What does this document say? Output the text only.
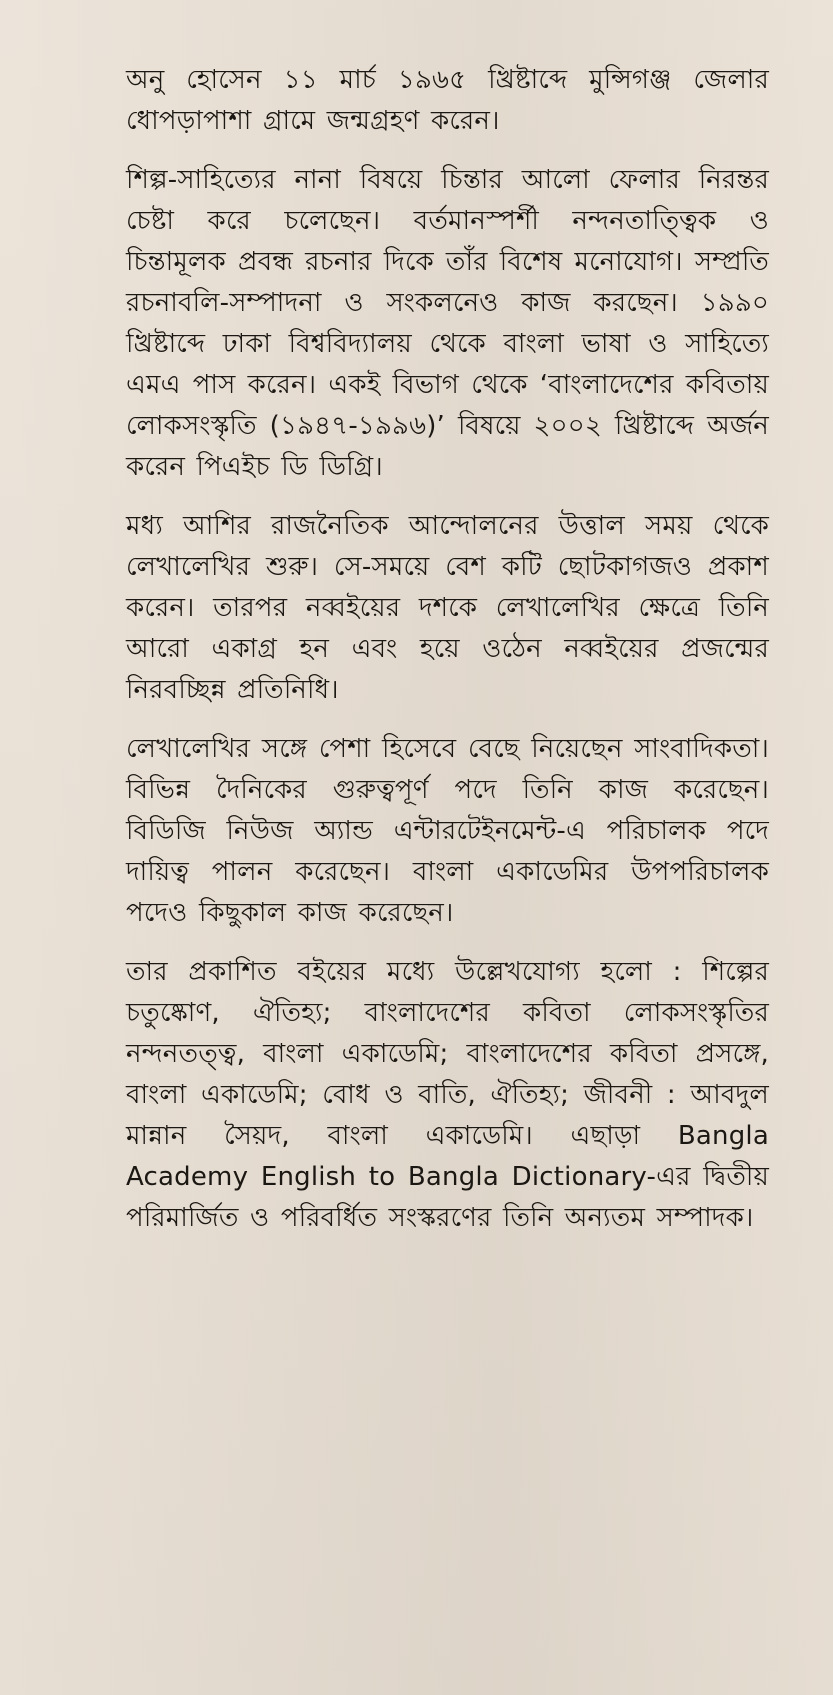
অনু হোসেন ১১ মার্চ ১৯৬৫ খ্রিষ্টাব্দে মুন্সিগঞ্জ জেলার ধোপড়াপাশা গ্রামে জন্মগ্রহণ করেন।

শিল্প-সাহিত্যের নানা বিষয়ে চিন্তার আলো ফেলার নিরন্তর চেষ্টা করে চলেছেন। বর্তমানস্পর্শী নন্দনতাত্ত্বিক ও চিন্তামূলক প্রবন্ধ রচনার দিকে তাঁর বিশেষ মনোযোগ। সম্প্রতি রচনাবলি-সম্পাদনা ও সংকলনেও কাজ করছেন। ১৯৯০ খ্রিষ্টাব্দে ঢাকা বিশ্ববিদ্যালয় থেকে বাংলা ভাষা ও সাহিত্যে এমএ পাস করেন। একই বিভাগ থেকে ‘বাংলাদেশের কবিতায় লোকসংস্কৃতি (১৯৪৭-১৯৯৬)’ বিষয়ে ২০০২ খ্রিষ্টাব্দে অর্জন করেন পিএইচ ডি ডিগ্রি।

মধ্য আশির রাজনৈতিক আন্দোলনের উত্তাল সময় থেকে লেখালেখির শুরু। সে-সময়ে বেশ কটি ছোটকাগজও প্রকাশ করেন। তারপর নব্বইয়ের দশকে লেখালেখির ক্ষেত্রে তিনি আরো একাগ্র হন এবং হয়ে ওঠেন নব্বইয়ের প্রজন্মের নিরবচ্ছিন্ন প্রতিনিধি।

লেখালেখির সঙ্গে পেশা হিসেবে বেছে নিয়েছেন সাংবাদিকতা। বিভিন্ন দৈনিকের গুরুত্বপূর্ণ পদে তিনি কাজ করেছেন। বিডিজি নিউজ অ্যান্ড এন্টারটেইনমেন্ট-এ পরিচালক পদে দায়িত্ব পালন করেছেন। বাংলা একাডেমির উপপরিচালক পদেও কিছুকাল কাজ করেছেন।

তার প্রকাশিত বইয়ের মধ্যে উল্লেখযোগ্য হলো : শিল্পের চতুষ্কোণ, ঐতিহ্য; বাংলাদেশের কবিতা লোকসংস্কৃতির নন্দনতত্ত্ব, বাংলা একাডেমি; বাংলাদেশের কবিতা প্রসঙ্গে, বাংলা একাডেমি; বোধ ও বাতি, ঐতিহ্য; জীবনী : আবদুল মান্নান সৈয়দ, বাংলা একাডেমি। এছাড়া Bangla Academy English to Bangla Dictionary-এর দ্বিতীয় পরিমার্জিত ও পরিবর্ধিত সংস্করণের তিনি অন্যতম সম্পাদক।
